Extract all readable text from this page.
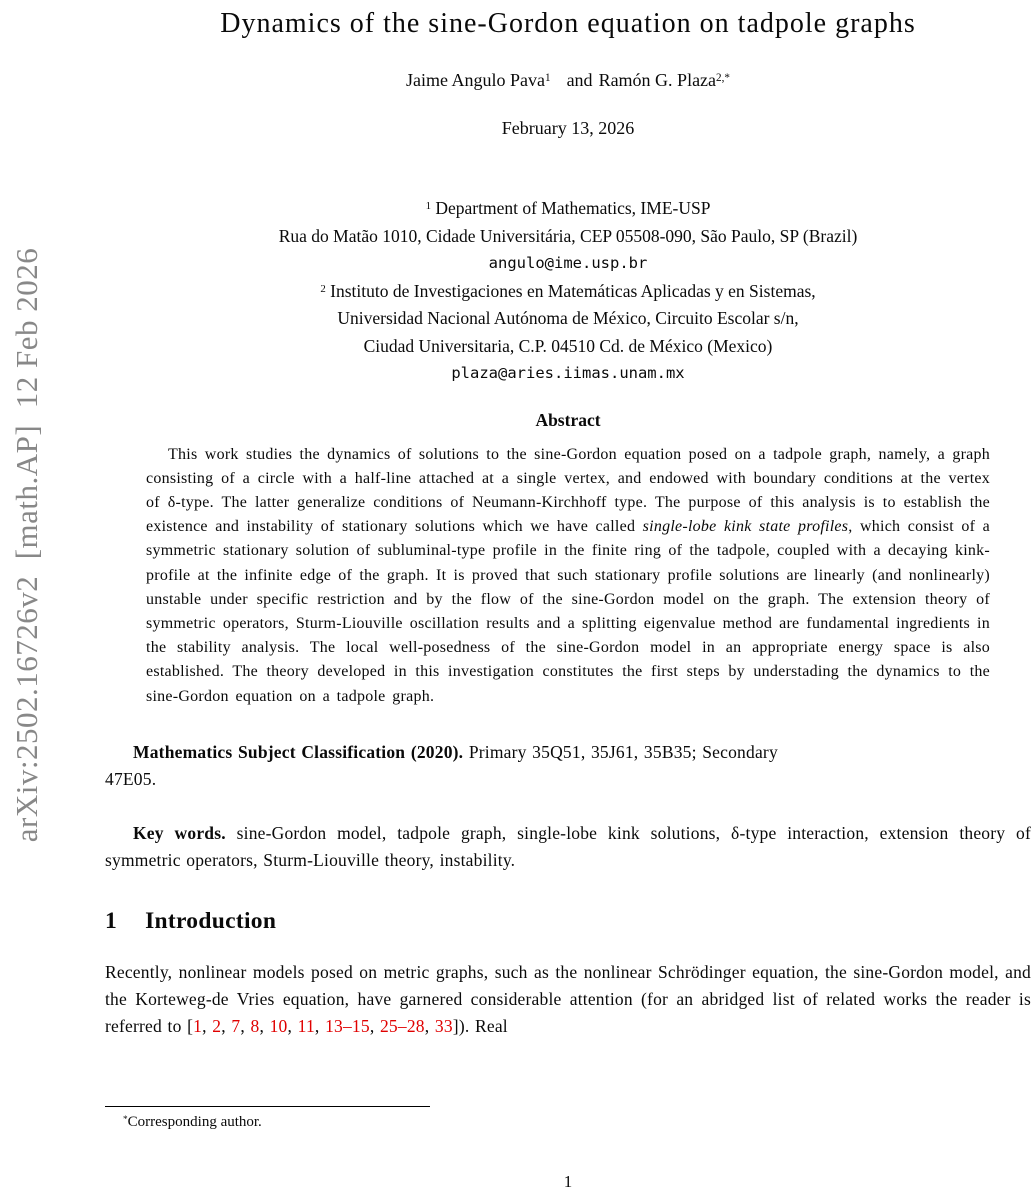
arXiv:2502.16726v2  [math.AP]  12 Feb 2026
Dynamics of the sine-Gordon equation on tadpole graphs
Jaime Angulo Pava$^1$ and Ramón G. Plaza$^{2,*}$
February 13, 2026
$^1$ Department of Mathematics, IME-USP
Rua do Matão 1010, Cidade Universitária, CEP 05508-090, São Paulo, SP (Brazil)
angulo@ime.usp.br
$^2$ Instituto de Investigaciones en Matemáticas Aplicadas y en Sistemas,
Universidad Nacional Autónoma de México, Circuito Escolar s/n,
Ciudad Universitaria, C.P. 04510 Cd. de México (Mexico)
plaza@aries.iimas.unam.mx
Abstract

This work studies the dynamics of solutions to the sine-Gordon equation posed on a tadpole graph, namely, a graph consisting of a circle with a half-line attached at a single vertex, and endowed with boundary conditions at the vertex of δ-type. The latter generalize conditions of Neumann-Kirchhoff type. The purpose of this analysis is to establish the existence and instability of stationary solutions which we have called single-lobe kink state profiles, which consist of a symmetric stationary solution of subluminal-type profile in the finite ring of the tadpole, coupled with a decaying kink-profile at the infinite edge of the graph. It is proved that such stationary profile solutions are linearly (and nonlinearly) unstable under specific restriction and by the flow of the sine-Gordon model on the graph. The extension theory of symmetric operators, Sturm-Liouville oscillation results and a splitting eigenvalue method are fundamental ingredients in the stability analysis. The local well-posedness of the sine-Gordon model in an appropriate energy space is also established. The theory developed in this investigation constitutes the first steps by understading the dynamics to the sine-Gordon equation on a tadpole graph.

Mathematics Subject Classification (2020). Primary 35Q51, 35J61, 35B35; Secondary
47E05.

Key words. sine-Gordon model, tadpole graph, single-lobe kink solutions, δ-type interaction, extension theory of symmetric operators, Sturm-Liouville theory, instability.

1 Introduction

Recently, nonlinear models posed on metric graphs, such as the nonlinear Schrödinger equation, the sine-Gordon model, and the Korteweg-de Vries equation, have garnered considerable attention (for an abridged list of related works the reader is referred to [1, 2, 7, 8, 10, 11, 13–15, 25–28, 33]). Real

*Corresponding author.
1
